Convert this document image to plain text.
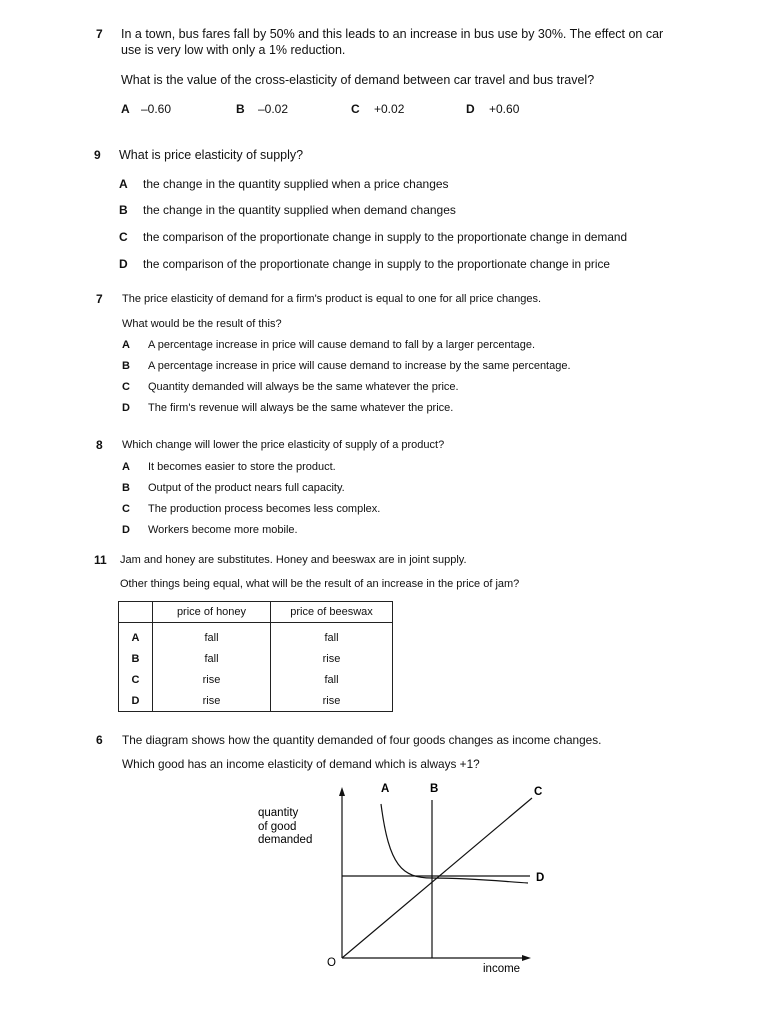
7 In a town, bus fares fall by 50% and this leads to an increase in bus use by 30%. The effect on car use is very low with only a 1% reduction.
What is the value of the cross-elasticity of demand between car travel and bus travel?
A –0.60	B –0.02	C +0.02	D +0.60
9 What is price elasticity of supply?
A the change in the quantity supplied when a price changes
B the change in the quantity supplied when demand changes
C the comparison of the proportionate change in supply to the proportionate change in demand
D the comparison of the proportionate change in supply to the proportionate change in price
7 The price elasticity of demand for a firm's product is equal to one for all price changes.
What would be the result of this?
A A percentage increase in price will cause demand to fall by a larger percentage.
B A percentage increase in price will cause demand to increase by the same percentage.
C Quantity demanded will always be the same whatever the price.
D The firm's revenue will always be the same whatever the price.
8 Which change will lower the price elasticity of supply of a product?
A It becomes easier to store the product.
B Output of the product nears full capacity.
C The production process becomes less complex.
D Workers become more mobile.
11 Jam and honey are substitutes. Honey and beeswax are in joint supply.
Other things being equal, what will be the result of an increase in the price of jam?
	price of honey	price of beeswax
A	fall	fall
B	fall	rise
C	rise	fall
D	rise	rise
6 The diagram shows how the quantity demanded of four goods changes as income changes.
Which good has an income elasticity of demand which is always +1?
quantity
of good
demanded
O	income
A	B	C
D
